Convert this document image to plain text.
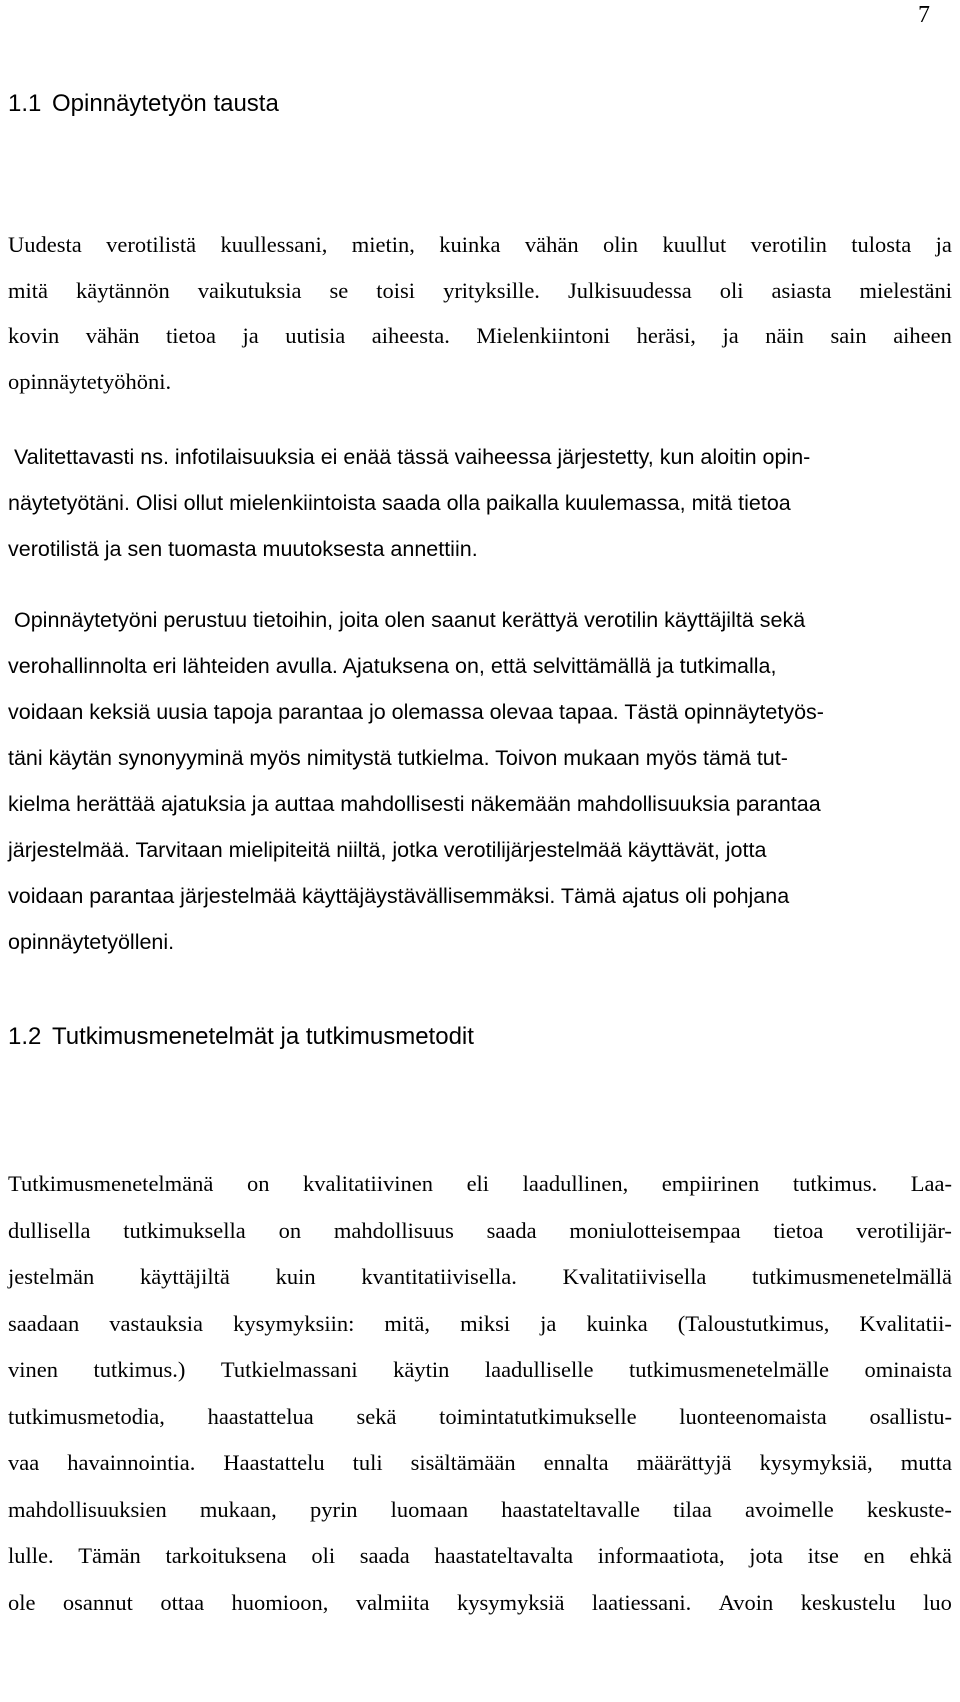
7
1.1 Opinnäytetyön tausta
Uudesta verotilistä kuullessani, mietin, kuinka vähän olin kuullut verotilin tulosta ja
mitä käytännön vaikutuksia se toisi yrityksille. Julkisuudessa oli asiasta mielestäni
kovin vähän tietoa ja uutisia aiheesta. Mielenkiintoni heräsi, ja näin sain aiheen
opinnäytetyöhöni.
Valitettavasti ns. infotilaisuuksia ei enää tässä vaiheessa järjestetty, kun aloitin opin-
näytetyötäni. Olisi ollut mielenkiintoista saada olla paikalla kuulemassa, mitä tietoa
verotilistä ja sen tuomasta muutoksesta annettiin.
Opinnäytetyöni perustuu tietoihin, joita olen saanut kerättyä verotilin käyttäjiltä sekä
verohallinnolta eri lähteiden avulla. Ajatuksena on, että selvittämällä ja tutkimalla,
voidaan keksiä uusia tapoja parantaa jo olemassa olevaa tapaa. Tästä opinnäytetyös-
täni käytän synonyyminä myös nimitystä tutkielma. Toivon mukaan myös tämä tut-
kielma herättää ajatuksia ja auttaa mahdollisesti näkemään mahdollisuuksia parantaa
järjestelmää. Tarvitaan mielipiteitä niiltä, jotka verotilijärjestelmää käyttävät, jotta
voidaan parantaa järjestelmää käyttäjäystävällisemmäksi. Tämä ajatus oli pohjana
opinnäytetyölleni.
1.2 Tutkimusmenetelmät ja tutkimusmetodit
Tutkimusmenetelmänä on kvalitatiivinen eli laadullinen, empiirinen tutkimus. Laa-
dullisella tutkimuksella on mahdollisuus saada moniulotteisempaa tietoa verotilijär-
jestelmän käyttäjiltä kuin kvantitatiivisella. Kvalitatiivisella tutkimusmenetelmällä
saadaan vastauksia kysymyksiin: mitä, miksi ja kuinka (Taloustutkimus, Kvalitatii-
vinen tutkimus.) Tutkielmassani käytin laadulliselle tutkimusmenetelmälle ominaista
tutkimusmetodia, haastattelua sekä toimintatutkimukselle luonteenomaista osallistu-
vaa havainnointia. Haastattelu tuli sisältämään ennalta määrättyjä kysymyksiä, mutta
mahdollisuuksien mukaan, pyrin luomaan haastateltavalle tilaa avoimelle keskuste-
lulle. Tämän tarkoituksena oli saada haastateltavalta informaatiota, jota itse en ehkä
ole osannut ottaa huomioon, valmiita kysymyksiä laatiessani. Avoin keskustelu luo
